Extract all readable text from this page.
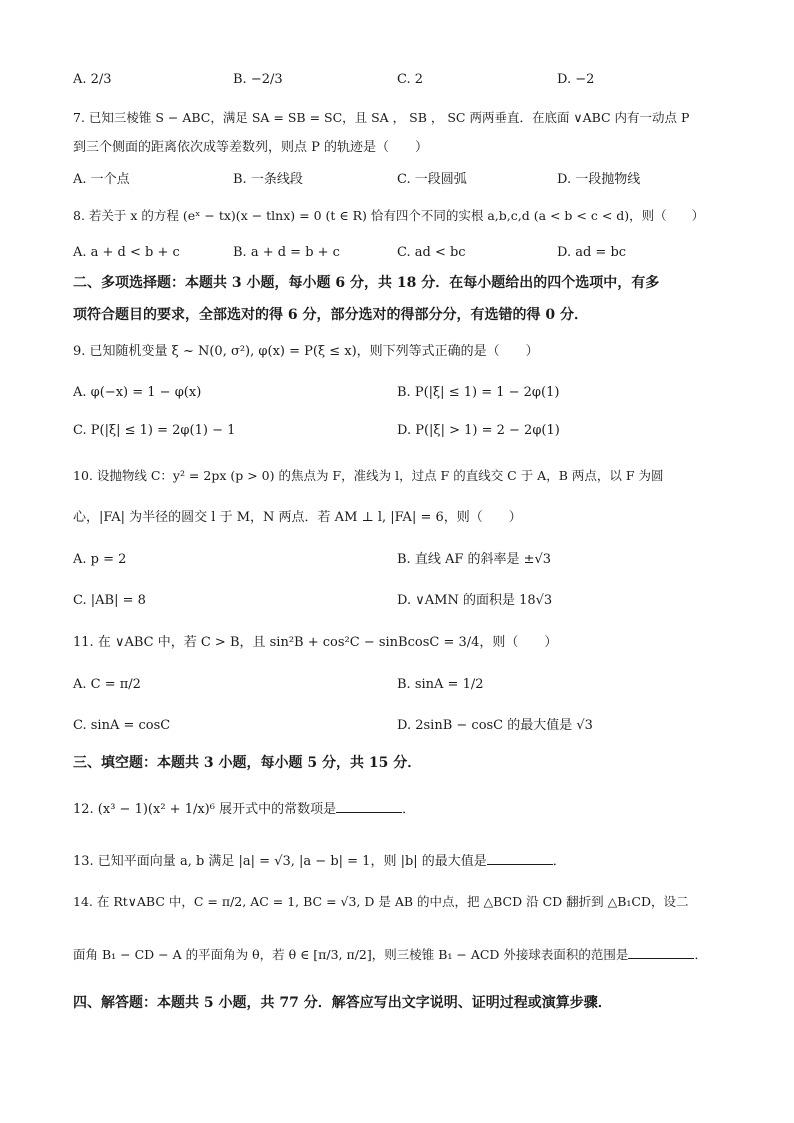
A. 2/3	B. −2/3	C. 2	D. −2
7. 已知三棱锥 S − ABC，满足 SA = SB = SC，且 SA ， SB ， SC 两两垂直．在底面 ∨ABC 内有一动点 P
到三个侧面的距离依次成等差数列，则点 P 的轨迹是（　　）
A. 一个点	B. 一条线段	C. 一段圆弧	D. 一段抛物线
8. 若关于 x 的方程 (eˣ − tx)(x − tlnx) = 0 (t ∈ R) 恰有四个不同的实根 a,b,c,d (a < b < c < d)，则（　　）
A. a + d < b + c	B. a + d = b + c	C. ad < bc	D. ad = bc
二、多项选择题：本题共 3 小题，每小题 6 分，共 18 分．在每小题给出的四个选项中，有多
项符合题目的要求，全部选对的得 6 分，部分选对的得部分分，有选错的得 0 分．
9. 已知随机变量 ξ ~ N(0, σ²), φ(x) = P(ξ ≤ x)，则下列等式正确的是（　　）
A. φ(−x) = 1 − φ(x)	B. P(|ξ| ≤ 1) = 1 − 2φ(1)
C. P(|ξ| ≤ 1) = 2φ(1) − 1	D. P(|ξ| > 1) = 2 − 2φ(1)
10. 设抛物线 C：y² = 2px (p > 0) 的焦点为 F，准线为 l，过点 F 的直线交 C 于 A，B 两点，以 F 为圆
心，|FA| 为半径的圆交 l 于 M，N 两点．若 AM ⊥ l, |FA| = 6，则（　　）
A. p = 2	B. 直线 AF 的斜率是 ±√3
C. |AB| = 8	D. ∨AMN 的面积是 18√3
11. 在 ∨ABC 中，若 C > B，且 sin²B + cos²C − sinBcosC = 3/4，则（　　）
A. C = π/2	B. sinA = 1/2
C. sinA = cosC	D. 2sinB − cosC 的最大值是 √3
三、填空题：本题共 3 小题，每小题 5 分，共 15 分．
12. (x³ − 1)(x² + 1/x)⁶ 展开式中的常数项是	．
13. 已知平面向量 a, b 满足 |a| = √3, |a − b| = 1，则 |b| 的最大值是	．
14. 在 Rt∨ABC 中，C = π/2, AC = 1, BC = √3, D 是 AB 的中点，把 △BCD 沿 CD 翻折到 △B₁CD，设二
面角 B₁ − CD − A 的平面角为 θ，若 θ ∈ [π/3, π/2]，则三棱锥 B₁ − ACD 外接球表面积的范围是	．
四、解答题：本题共 5 小题，共 77 分．解答应写出文字说明、证明过程或演算步骤．
